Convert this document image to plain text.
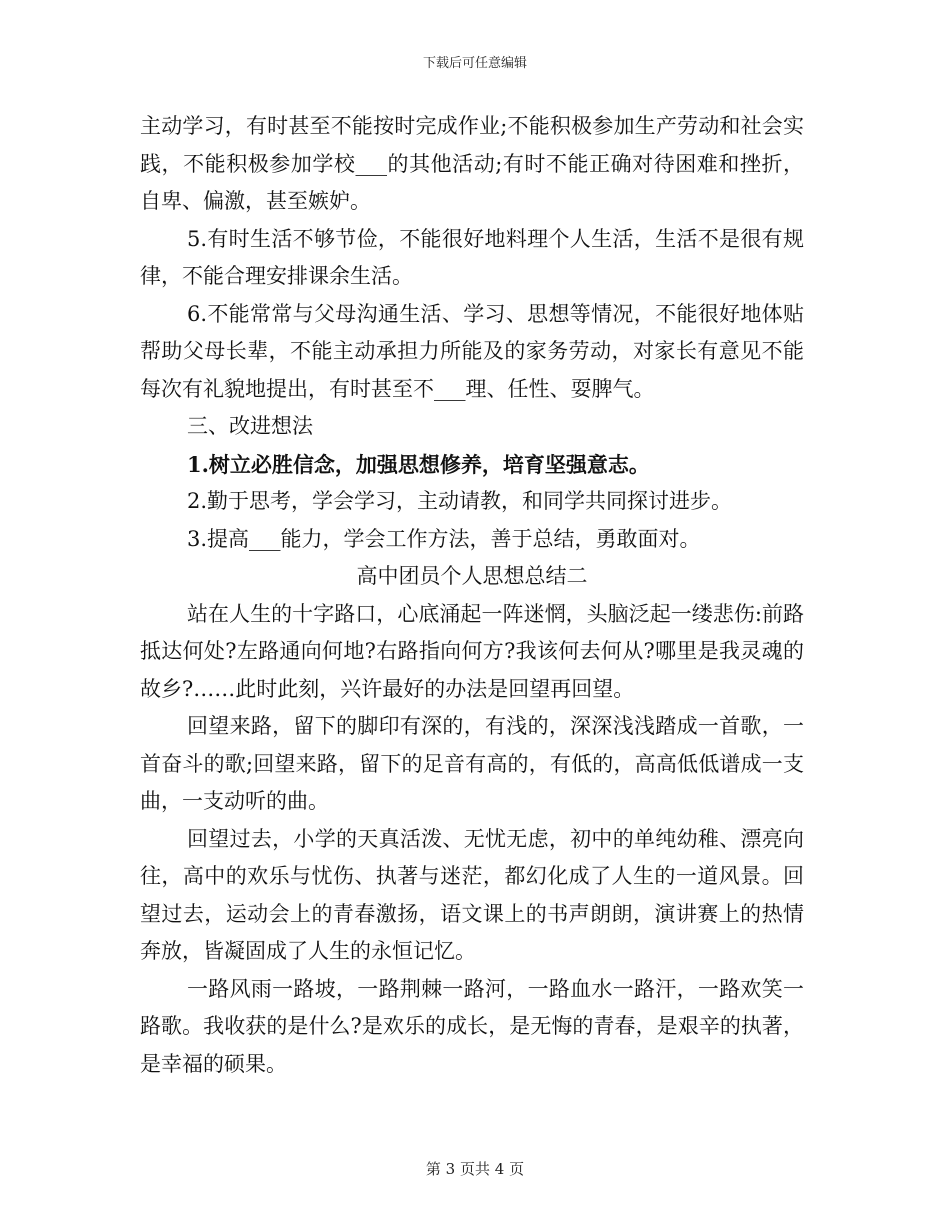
下载后可任意编辑

主动学习，有时甚至不能按时完成作业;不能积极参加生产劳动和社会实践，不能积极参加学校___的其他活动;有时不能正确对待困难和挫折，自卑、偏激，甚至嫉妒。

5.有时生活不够节俭，不能很好地料理个人生活，生活不是很有规律，不能合理安排课余生活。

6.不能常常与父母沟通生活、学习、思想等情况，不能很好地体贴帮助父母长辈，不能主动承担力所能及的家务劳动，对家长有意见不能每次有礼貌地提出，有时甚至不___理、任性、耍脾气。

三、改进想法

1.树立必胜信念，加强思想修养，培育坚强意志。

2.勤于思考，学会学习，主动请教，和同学共同探讨进步。

3.提高___能力，学会工作方法，善于总结，勇敢面对。

高中团员个人思想总结二

站在人生的十字路口，心底涌起一阵迷惘，头脑泛起一缕悲伤:前路抵达何处?左路通向何地?右路指向何方?我该何去何从?哪里是我灵魂的故乡?……此时此刻，兴许最好的办法是回望再回望。

回望来路，留下的脚印有深的，有浅的，深深浅浅踏成一首歌，一首奋斗的歌;回望来路，留下的足音有高的，有低的，高高低低谱成一支曲，一支动听的曲。

回望过去，小学的天真活泼、无忧无虑，初中的单纯幼稚、漂亮向往，高中的欢乐与忧伤、执著与迷茫，都幻化成了人生的一道风景。回望过去，运动会上的青春激扬，语文课上的书声朗朗，演讲赛上的热情奔放，皆凝固成了人生的永恒记忆。

一路风雨一路坡，一路荆棘一路河，一路血水一路汗，一路欢笑一路歌。我收获的是什么?是欢乐的成长，是无悔的青春，是艰辛的执著，是幸福的硕果。

第 3 页共 4 页
